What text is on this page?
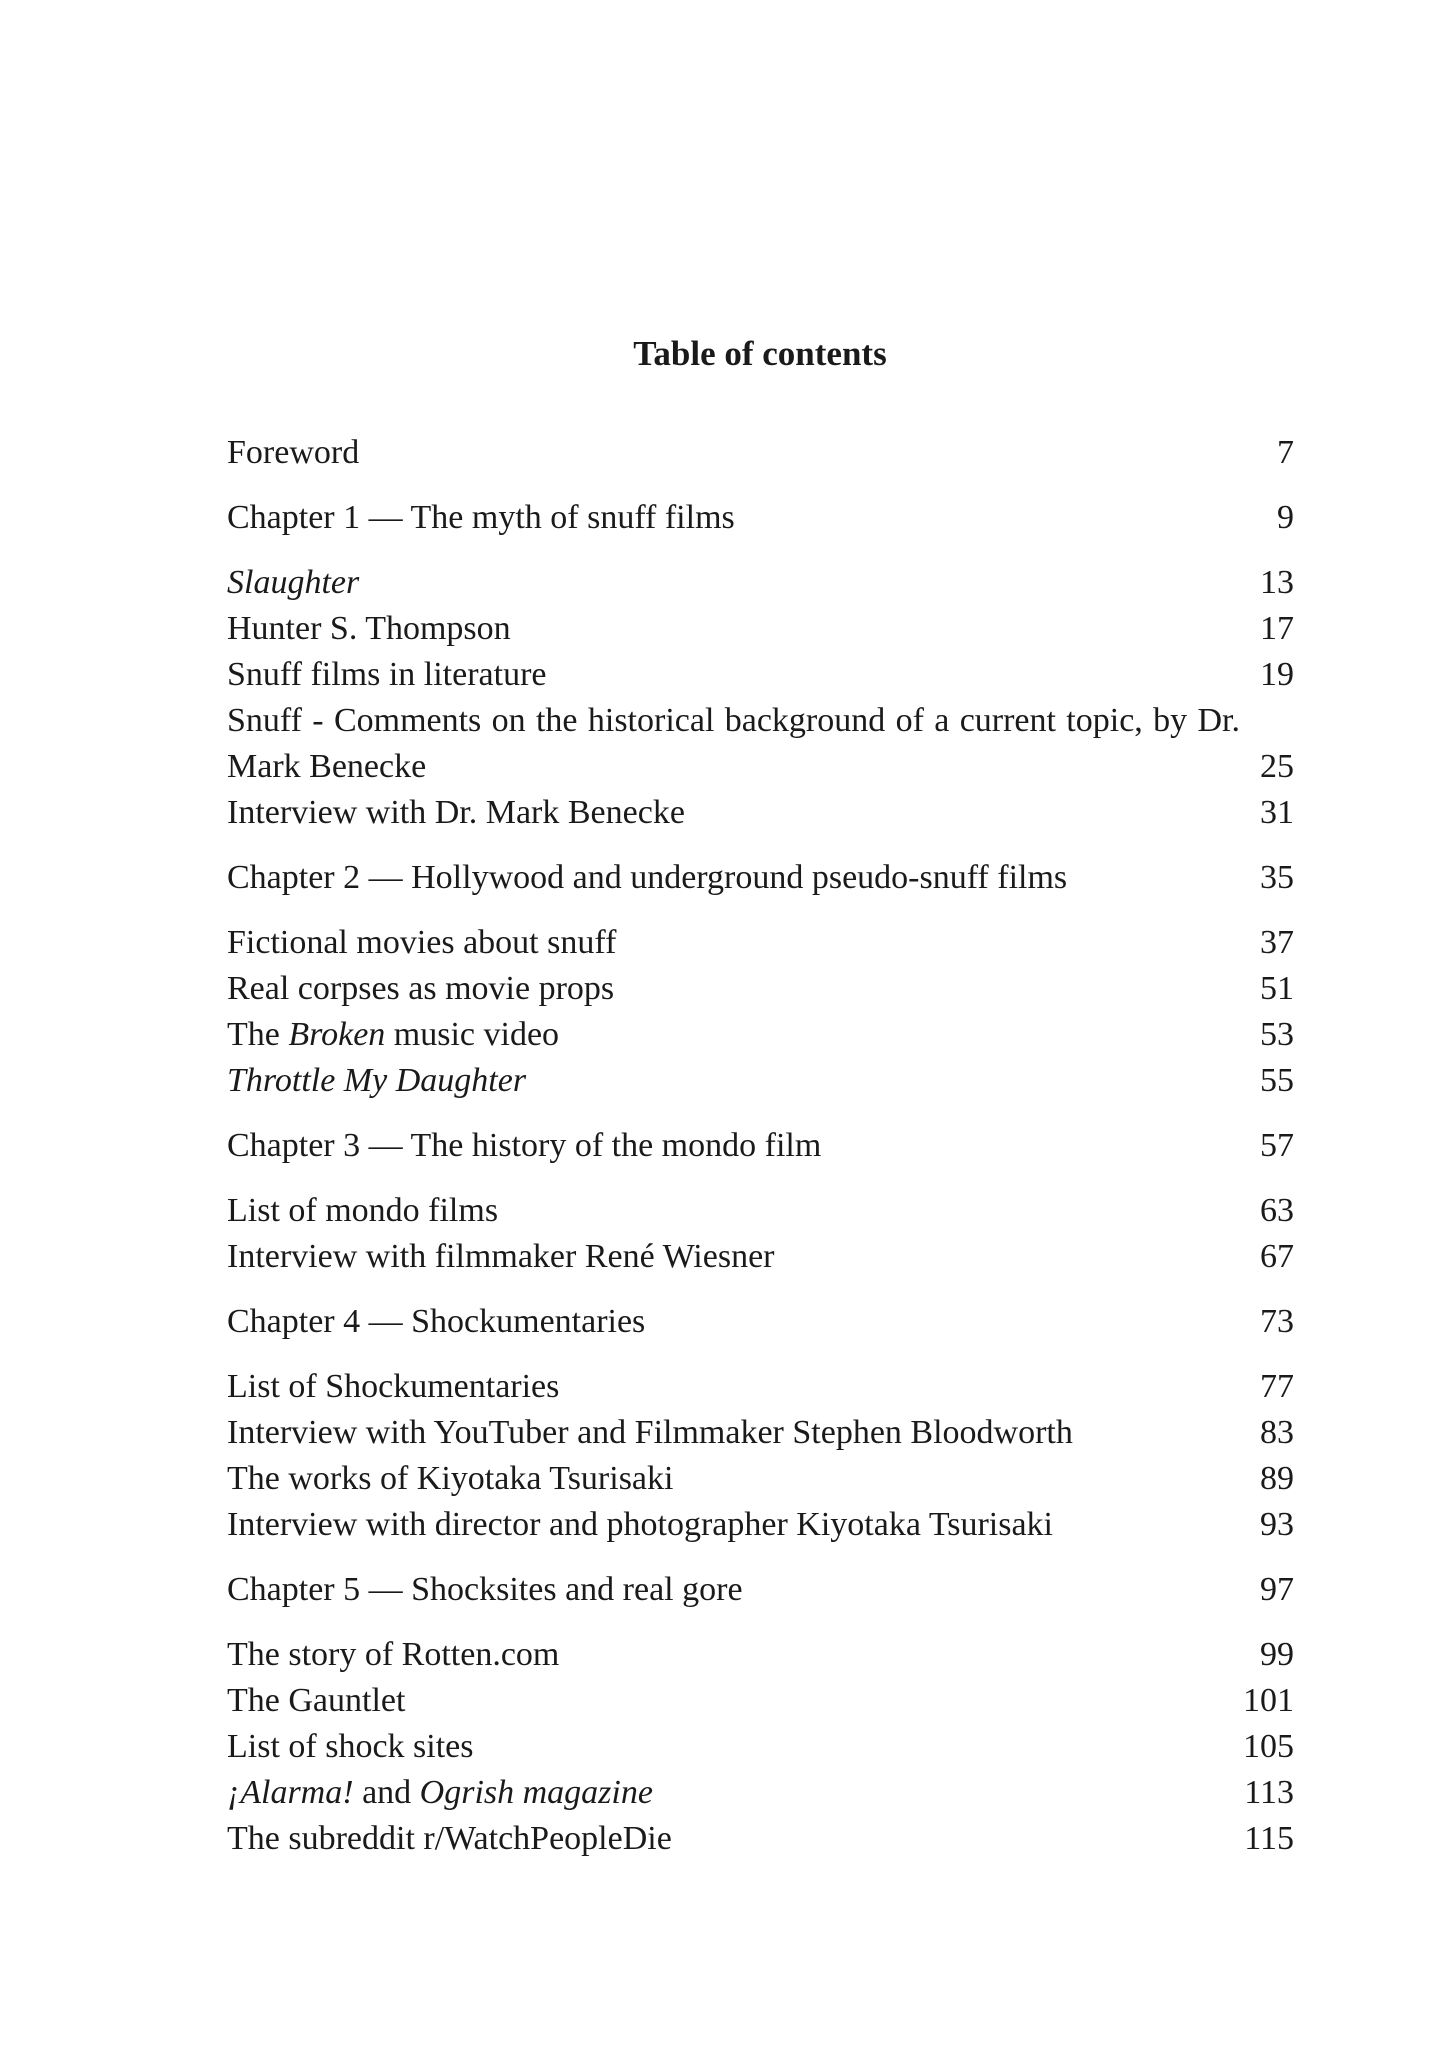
Table of contents
Foreword	7
Chapter 1 — The myth of snuff films	9
Slaughter	13
Hunter S. Thompson	17
Snuff films in literature	19
Snuff - Comments on the historical background of a current topic, by Dr. Mark Benecke	25
Interview with Dr. Mark Benecke	31
Chapter 2 — Hollywood and underground pseudo-snuff films	35
Fictional movies about snuff	37
Real corpses as movie props	51
The Broken music video	53
Throttle My Daughter	55
Chapter 3 — The history of the mondo film	57
List of mondo films	63
Interview with filmmaker René Wiesner	67
Chapter 4 — Shockumentaries	73
List of Shockumentaries	77
Interview with YouTuber and Filmmaker Stephen Bloodworth	83
The works of Kiyotaka Tsurisaki	89
Interview with director and photographer Kiyotaka Tsurisaki	93
Chapter 5 — Shocksites and real gore	97
The story of Rotten.com	99
The Gauntlet	101
List of shock sites	105
¡Alarma! and Ogrish magazine	113
The subreddit r/WatchPeopleDie	115
